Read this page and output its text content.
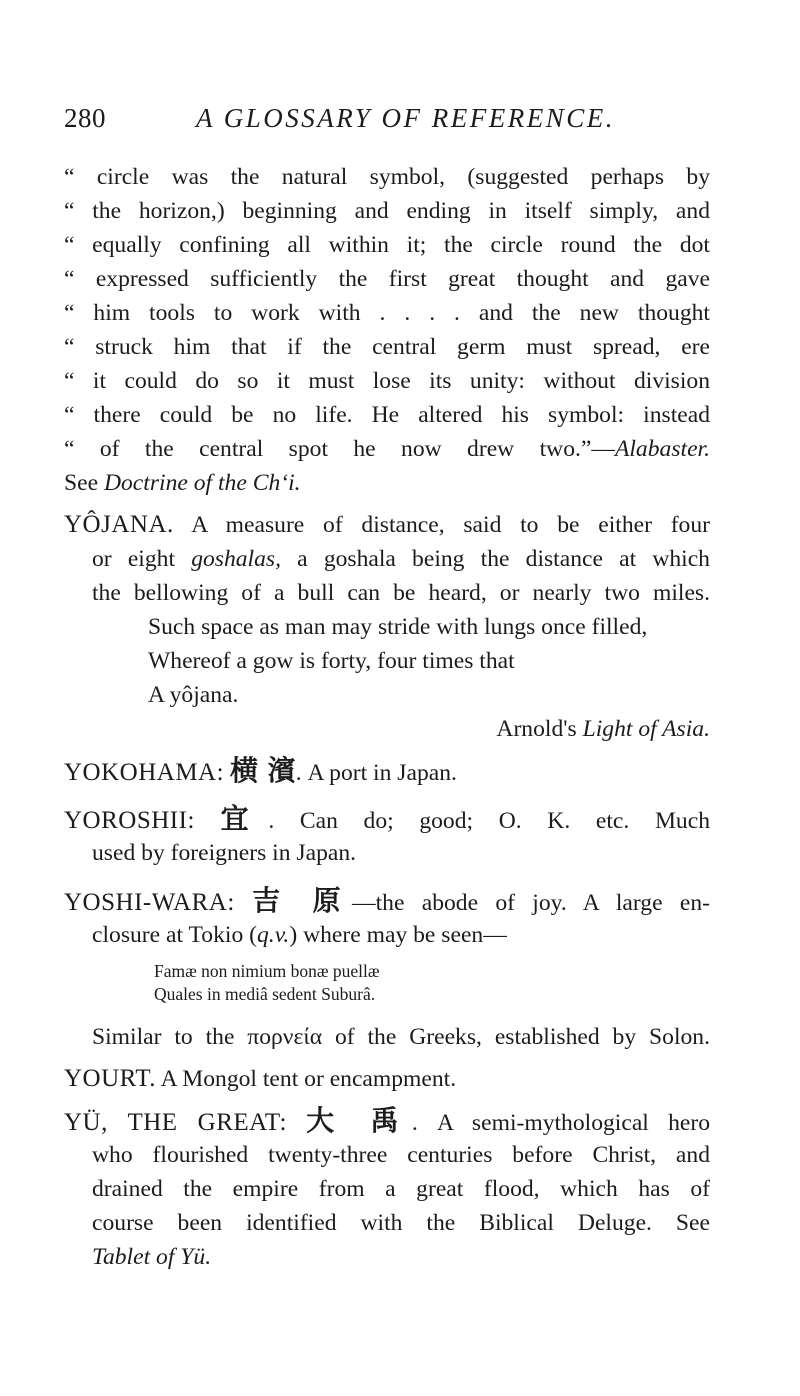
280	A GLOSSARY OF REFERENCE.
“ circle was the natural symbol, (suggested perhaps by
“ the horizon,) beginning and ending in itself simply, and
“ equally confining all within it; the circle round the dot
“ expressed sufficiently the first great thought and gave
“ him tools to work with . . . . and the new thought
“ struck him that if the central germ must spread, ere
“ it could do so it must lose its unity: without division
“ there could be no life. He altered his symbol: instead
“ of the central spot he now drew two.”—Alabaster.
See Doctrine of the Ch‘i.
YÔJANA. A measure of distance, said to be either four
or eight goshalas, a goshala being the distance at which
the bellowing of a bull can be heard, or nearly two miles.
Such space as man may stride with lungs once filled,
Whereof a gow is forty, four times that
A yôjana.
Arnold's Light of Asia.
YOKOHAMA: 横 濱. A port in Japan.
YOROSHII: 宜. Can do; good; O. K. etc. Much
used by foreigners in Japan.
YOSHI-WARA: 吉 原—the abode of joy. A large en-
closure at Tokio (q.v.) where may be seen—
Famæ non nimium bonæ puellæ
Quales in mediâ sedent Suburâ.
Similar to the πορνεία of the Greeks, established by Solon.
YOURT. A Mongol tent or encampment.
YÜ, THE GREAT: 大 禹. A semi-mythological hero
who flourished twenty-three centuries before Christ, and
drained the empire from a great flood, which has of
course been identified with the Biblical Deluge. See
Tablet of Yü.
